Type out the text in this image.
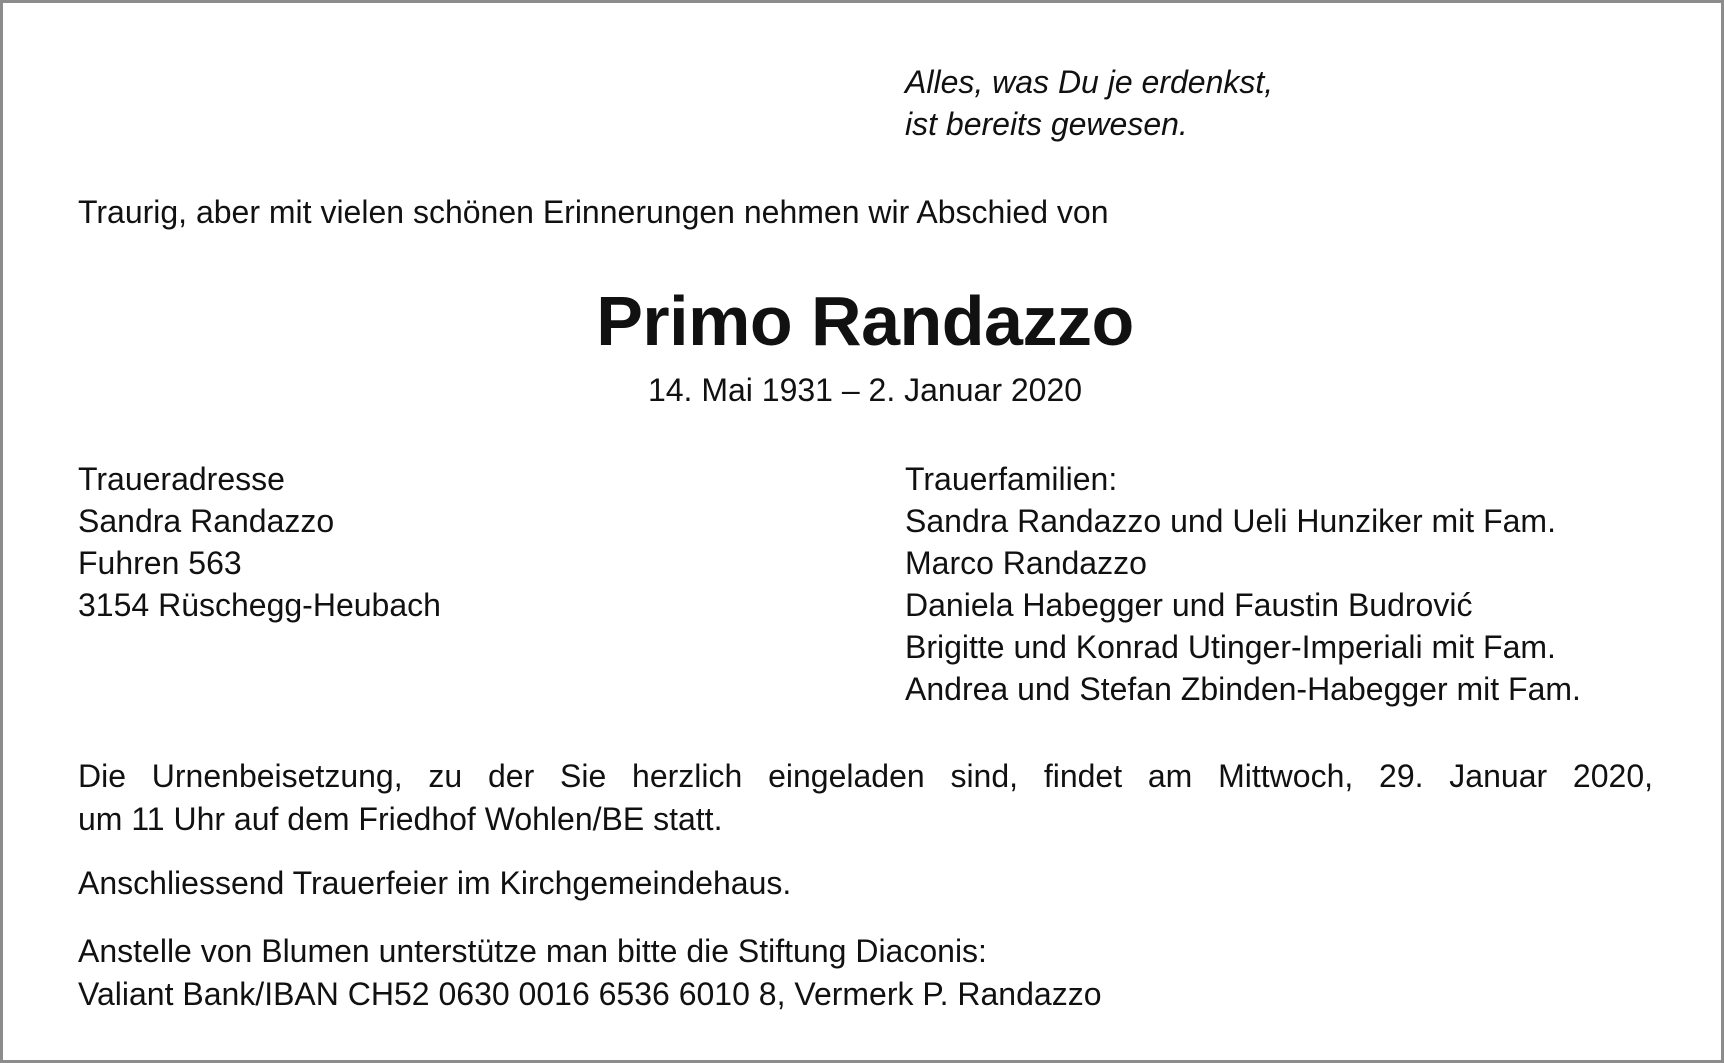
Alles, was Du je erdenkst,
ist bereits gewesen.
Traurig, aber mit vielen schönen Erinnerungen nehmen wir Abschied von
Primo Randazzo
14. Mai 1931 – 2. Januar 2020
Traueradresse
Sandra Randazzo
Fuhren 563
3154 Rüschegg-Heubach
Trauerfamilien:
Sandra Randazzo und Ueli Hunziker mit Fam.
Marco Randazzo
Daniela Habegger und Faustin Budrović
Brigitte und Konrad Utinger-Imperiali mit Fam.
Andrea und Stefan Zbinden-Habegger mit Fam.
Die Urnenbeisetzung, zu der Sie herzlich eingeladen sind, findet am Mittwoch, 29. Januar 2020,
um 11 Uhr auf dem Friedhof Wohlen/BE statt.
Anschliessend Trauerfeier im Kirchgemeindehaus.
Anstelle von Blumen unterstütze man bitte die Stiftung Diaconis:
Valiant Bank/IBAN CH52 0630 0016 6536 6010 8, Vermerk P. Randazzo
